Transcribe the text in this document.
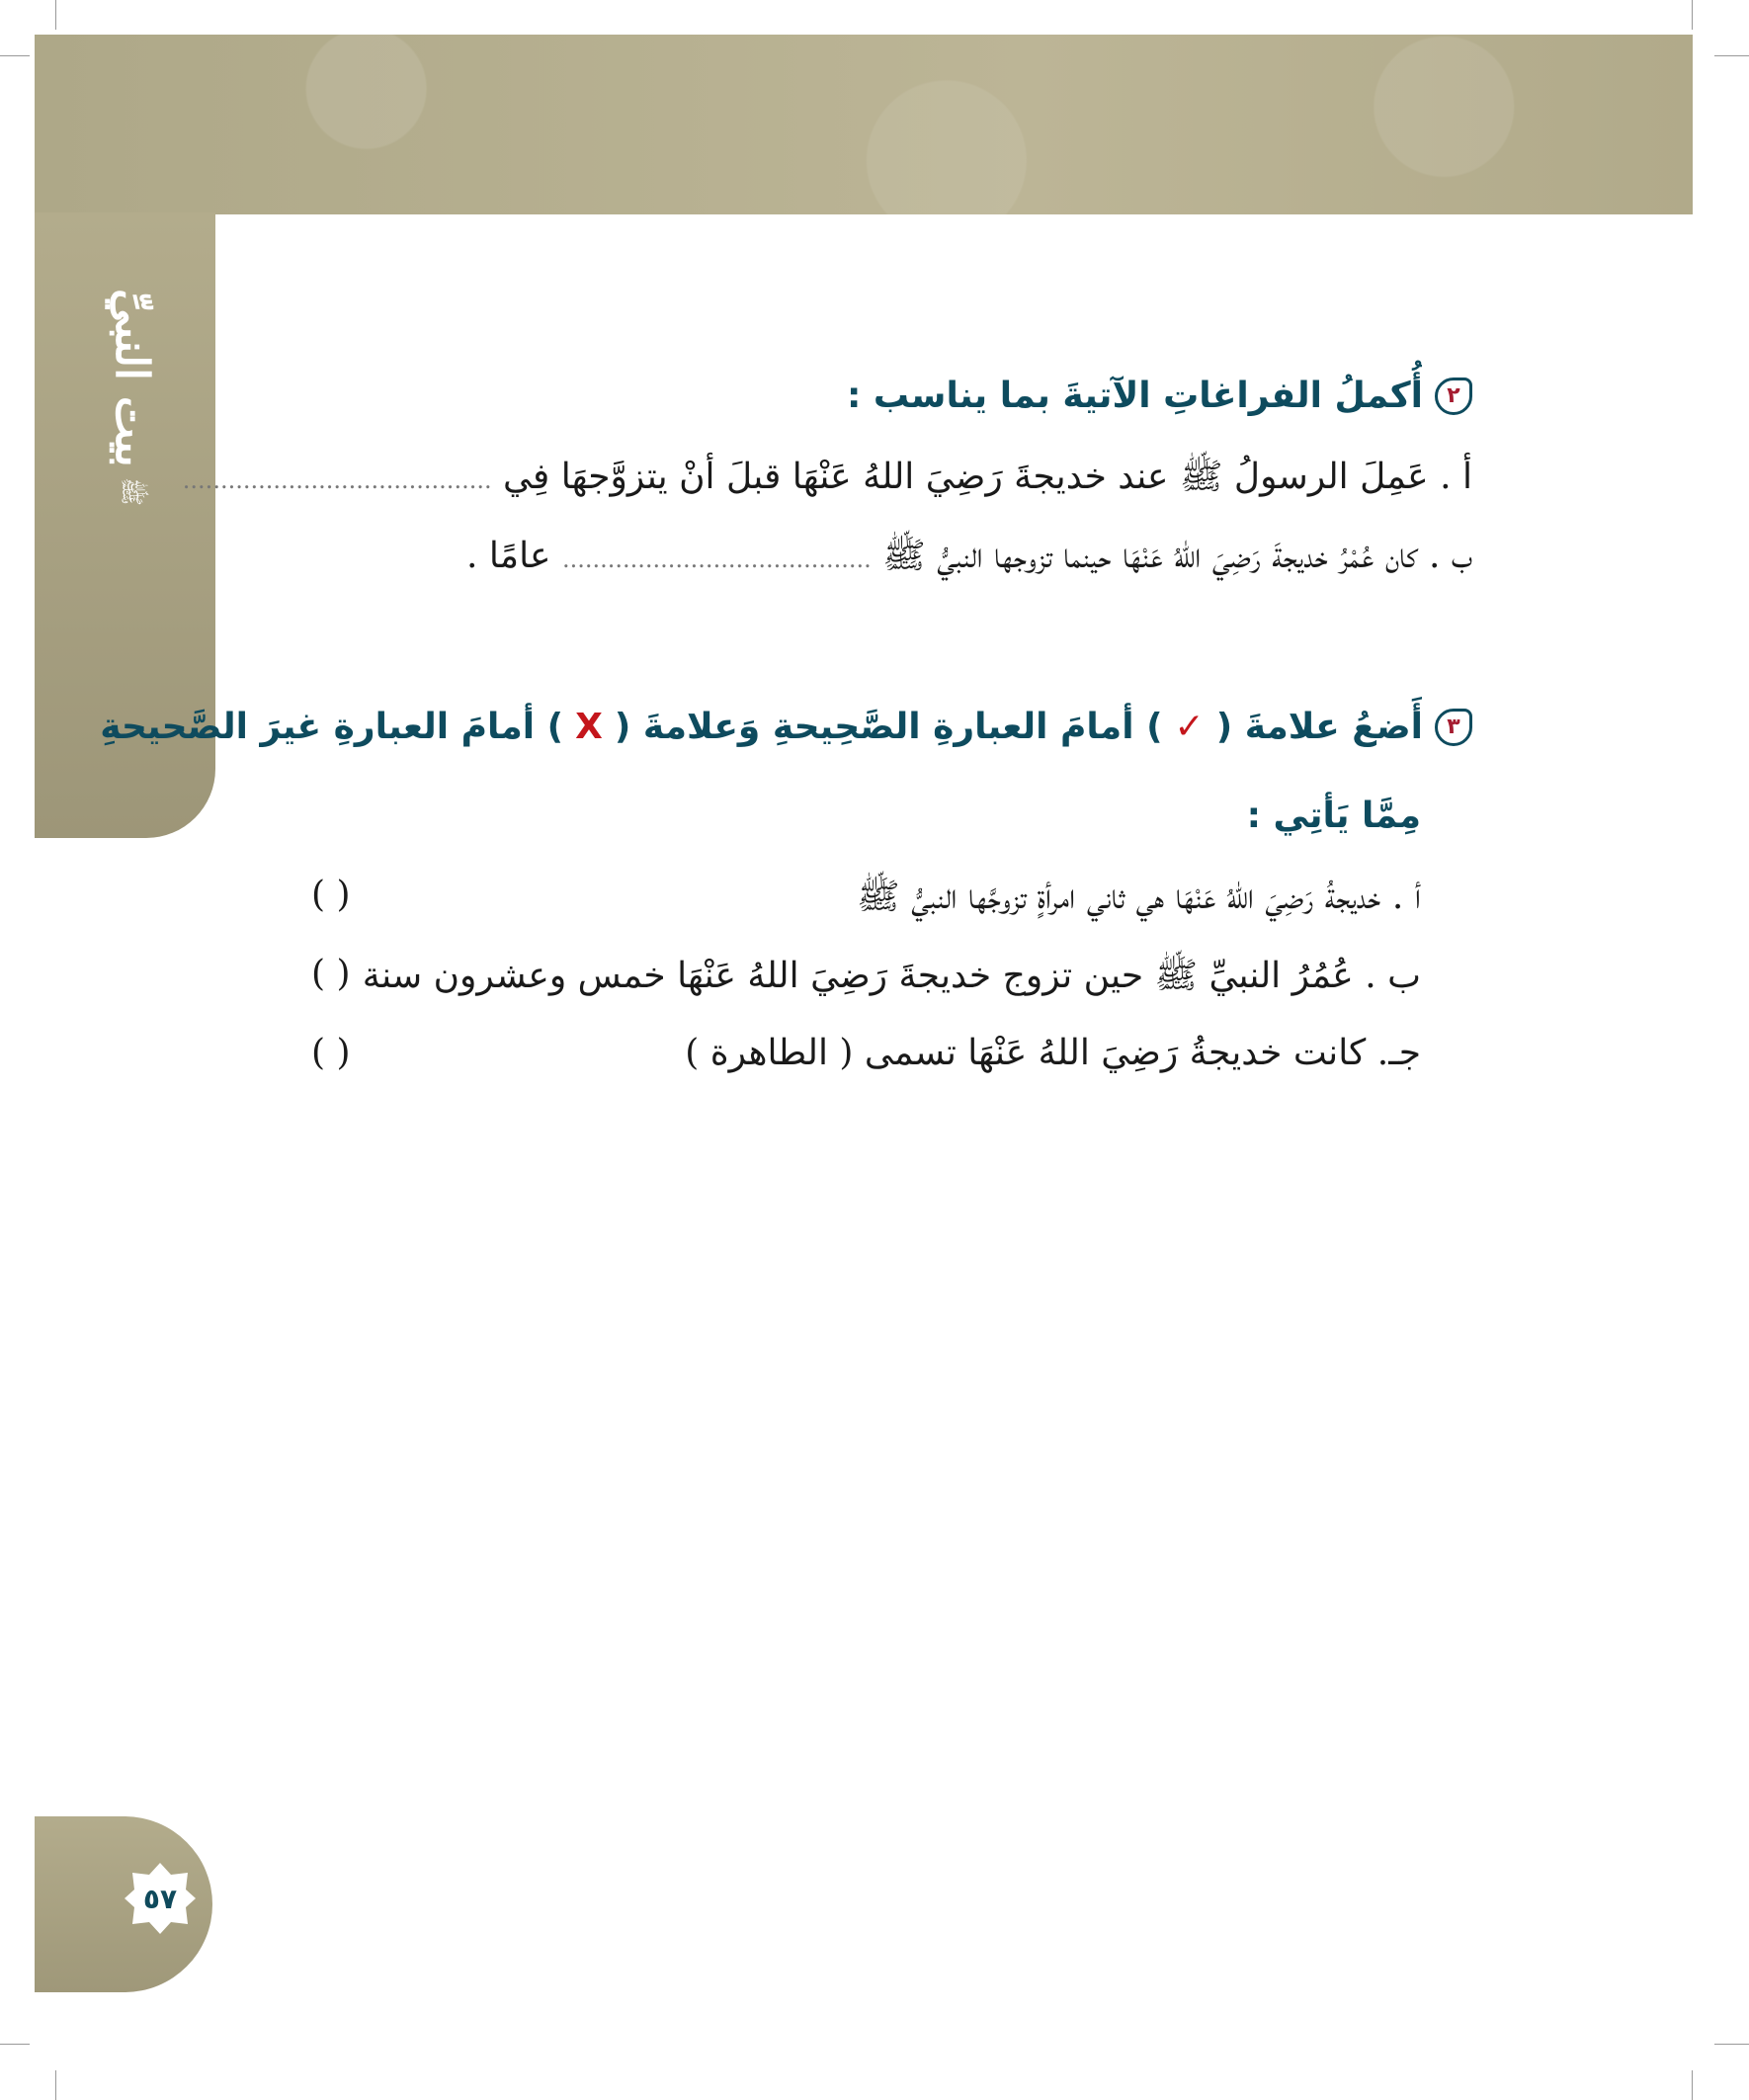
بيت النبيِّ
ﷺ
٥٧
٢
أُكملُ الفراغاتِ الآتيةَ بما يناسب :
أ . عَمِلَ الرسولُ ﷺ عند خديجةَ رَضِيَ اللهُ عَنْهَا قبلَ أنْ يتزوَّجهَا فِي .........................................
ب . كان عُمْرُ خديجةَ رَضِيَ اللهُ عَنْهَا حينما تزوجها النبيُّ ﷺ ......................................... عامًا .
٣
أَضعُ علامةَ (
✓
) أمامَ العبارةِ الصَّحِيحةِ وَعلامةَ (
X
) أمامَ العبارةِ غيرَ الصَّحيحةِ
مِمَّا يَأتِي :
أ . خديجةُ رَضِيَ اللهُ عَنْهَا هي ثاني امرأةٍ تزوجَّها النبيُّ ﷺ
ب . عُمُرُ النبيِّ ﷺ حين تزوج خديجةَ رَضِيَ اللهُ عَنْهَا خمس وعشرون سنة
جـ. كانت خديجةُ رَضِيَ اللهُ عَنْهَا تسمى ( الطاهرة )
( )
( )
( )
